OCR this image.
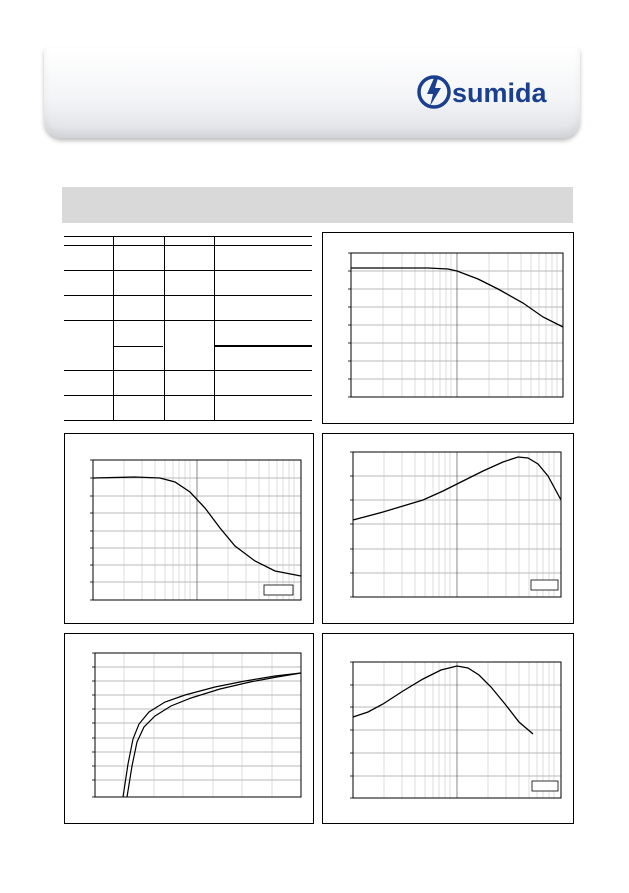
sumida
